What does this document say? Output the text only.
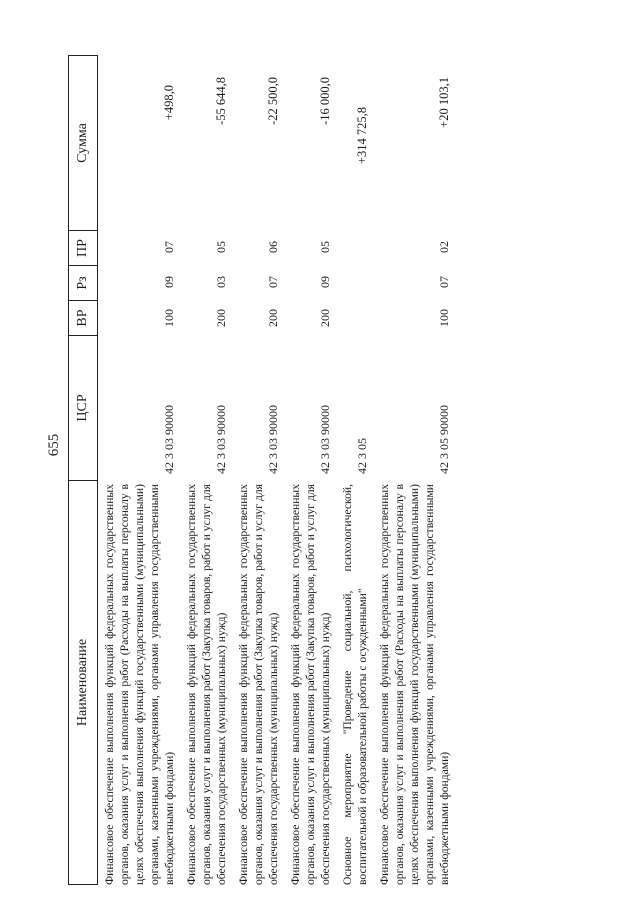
655
Наименование
ЦСР
ВР
Рз
ПР
Сумма
Финансовое обеспечение выполнения функций федеральных государственных органов, оказания услуг и выполнения работ (Расходы на выплаты персоналу в целях обеспечения выполнения функций государственными (муниципальными) органами, казенными учреждениями, органами управления государственными внебюджетными фондами)
42 3 03 90000
100
09
07
+498,0
Финансовое обеспечение выполнения функций федеральных государственных органов, оказания услуг и выполнения работ (Закупка товаров, работ и услуг для обеспечения государственных (муниципальных) нужд)
42 3 03 90000
200
03
05
-55 644,8
Финансовое обеспечение выполнения функций федеральных государственных органов, оказания услуг и выполнения работ (Закупка товаров, работ и услуг для обеспечения государственных (муниципальных) нужд)
42 3 03 90000
200
07
06
-22 500,0
Финансовое обеспечение выполнения функций федеральных государственных органов, оказания услуг и выполнения работ (Закупка товаров, работ и услуг для обеспечения государственных (муниципальных) нужд)
42 3 03 90000
200
09
05
-16 000,0
Основное мероприятие "Проведение социальной, психологической, воспитательной и образовательной работы с осужденными"
42 3 05
+314 725,8
Финансовое обеспечение выполнения функций федеральных государственных органов, оказания услуг и выполнения работ (Расходы на выплаты персоналу в целях обеспечения выполнения функций государственными (муниципальными) органами, казенными учреждениями, органами управления государственными внебюджетными фондами)
42 3 05 90000
100
07
02
+20 103,1
